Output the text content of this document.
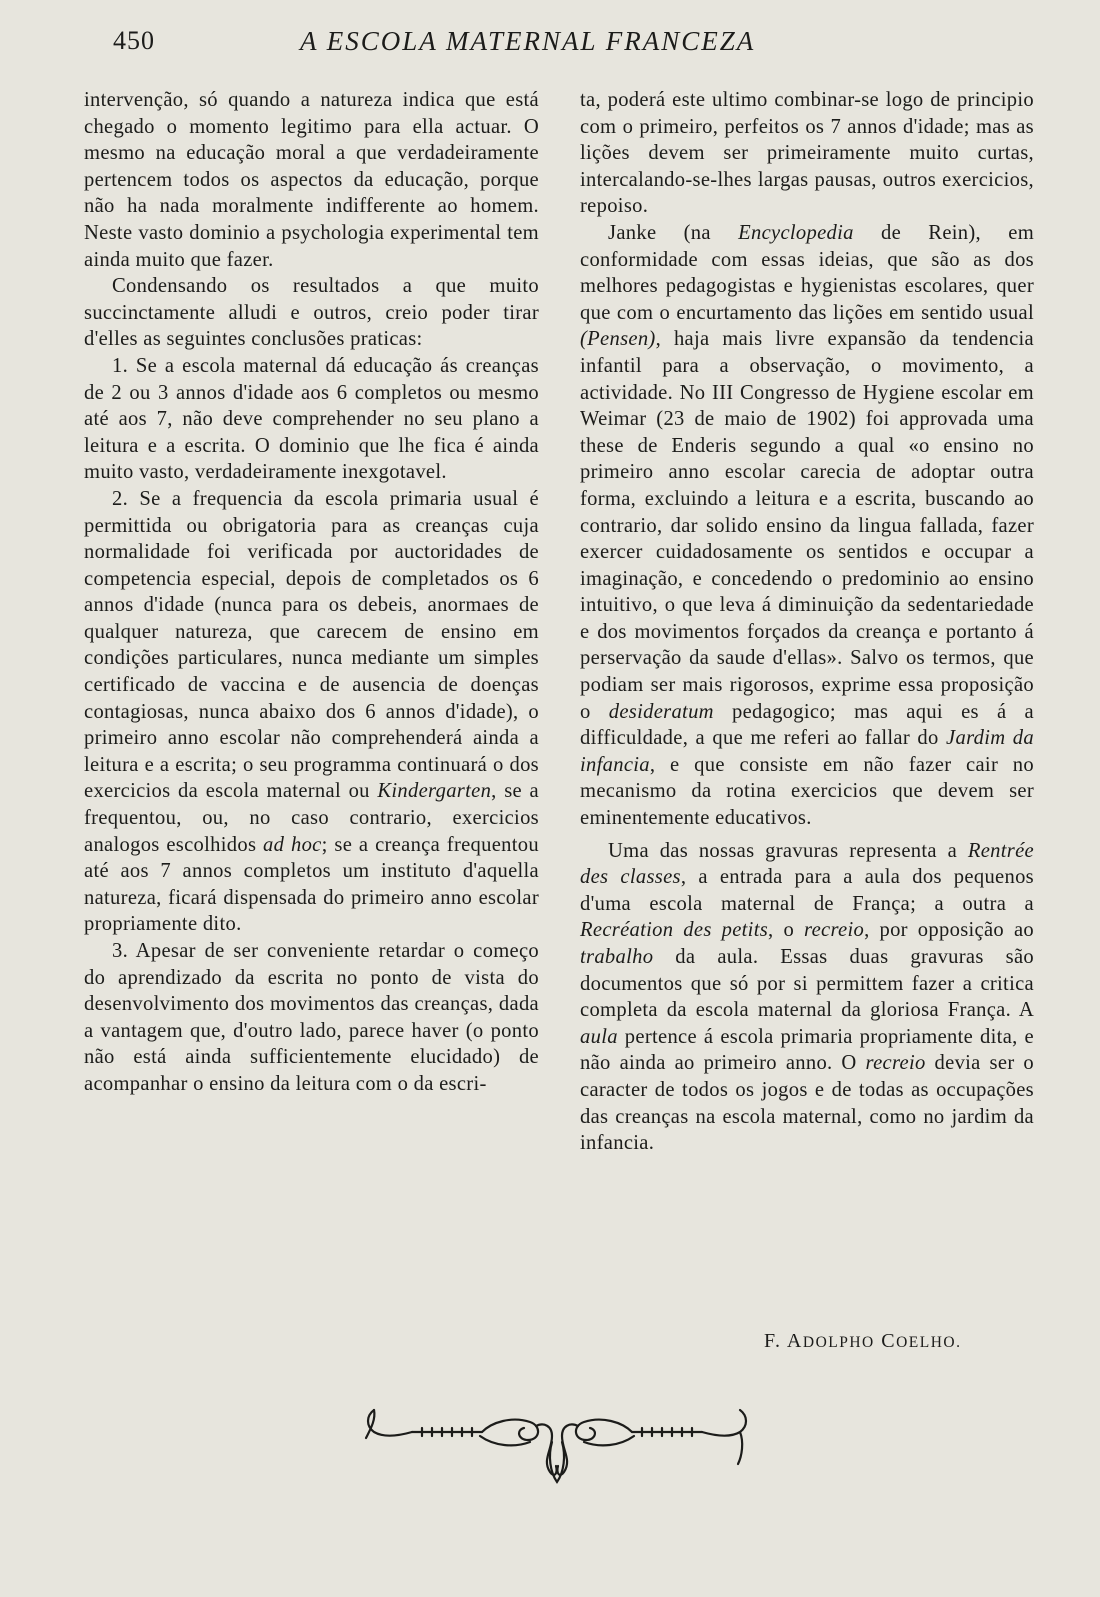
450	A ESCOLA MATERNAL FRANCEZA

intervenção, só quando a natureza indica que está chegado o momento legitimo para ella actuar. O mesmo na educação moral a que verdadeiramente pertencem todos os aspectos da educação, porque não ha nada moralmente indifferente ao homem. Neste vasto dominio a psychologia experimental tem ainda muito que fazer.

Condensando os resultados a que muito succinctamente alludi e outros, creio poder tirar d'elles as seguintes conclusões praticas:

1. Se a escola maternal dá educação ás creanças de 2 ou 3 annos d'idade aos 6 completos ou mesmo até aos 7, não deve comprehender no seu plano a leitura e a escrita. O dominio que lhe fica é ainda muito vasto, verdadeiramente inexgotavel.

2. Se a frequencia da escola primaria usual é permittida ou obrigatoria para as creanças cuja normalidade foi verificada por auctoridades de competencia especial, depois de completados os 6 annos d'idade (nunca para os debeis, anormaes de qualquer natureza, que carecem de ensino em condições particulares, nunca mediante um simples certificado de vaccina e de ausencia de doenças contagiosas, nunca abaixo dos 6 annos d'idade), o primeiro anno escolar não comprehenderá ainda a leitura e a escrita; o seu programma continuará o dos exercicios da escola maternal ou Kindergarten, se a frequentou, ou, no caso contrario, exercicios analogos escolhidos ad hoc; se a creança frequentou até aos 7 annos completos um instituto d'aquella natureza, ficará dispensada do primeiro anno escolar propriamente dito.

3. Apesar de ser conveniente retardar o começo do aprendizado da escrita no ponto de vista do desenvolvimento dos movimentos das creanças, dada a vantagem que, d'outro lado, parece haver (o ponto não está ainda sufficientemente elucidado) de acompanhar o ensino da leitura com o da escri-

ta, poderá este ultimo combinar-se logo de principio com o primeiro, perfeitos os 7 annos d'idade; mas as lições devem ser primeiramente muito curtas, intercalando-se-lhes largas pausas, outros exercicios, repoiso.

Janke (na Encyclopedia de Rein), em conformidade com essas ideias, que são as dos melhores pedagogistas e hygienistas escolares, quer que com o encurtamento das lições em sentido usual (Pensen), haja mais livre expansão da tendencia infantil para a observação, o movimento, a actividade. No III Congresso de Hygiene escolar em Weimar (23 de maio de 1902) foi approvada uma these de Enderis segundo a qual «o ensino no primeiro anno escolar carecia de adoptar outra forma, excluindo a leitura e a escrita, buscando ao contrario, dar solido ensino da lingua fallada, fazer exercer cuidadosamente os sentidos e occupar a imaginação, e concedendo o predominio ao ensino intuitivo, o que leva á diminuição da sedentariedade e dos movimentos forçados da creança e portanto á perservação da saude d'ellas». Salvo os termos, que podiam ser mais rigorosos, exprime essa proposição o desideratum pedagogico; mas aqui es á a difficuldade, a que me referi ao fallar do Jardim da infancia, e que consiste em não fazer cair no mecanismo da rotina exercicios que devem ser eminentemente educativos.

Uma das nossas gravuras representa a Rentrée des classes, a entrada para a aula dos pequenos d'uma escola maternal de França; a outra a Recréation des petits, o recreio, por opposição ao trabalho da aula. Essas duas gravuras são documentos que só por si permittem fazer a critica completa da escola maternal da gloriosa França. A aula pertence á escola primaria propriamente dita, e não ainda ao primeiro anno. O recreio devia ser o caracter de todos os jogos e de todas as occupações das creanças na escola maternal, como no jardim da infancia.

F. ADOLPHO COELHO.
